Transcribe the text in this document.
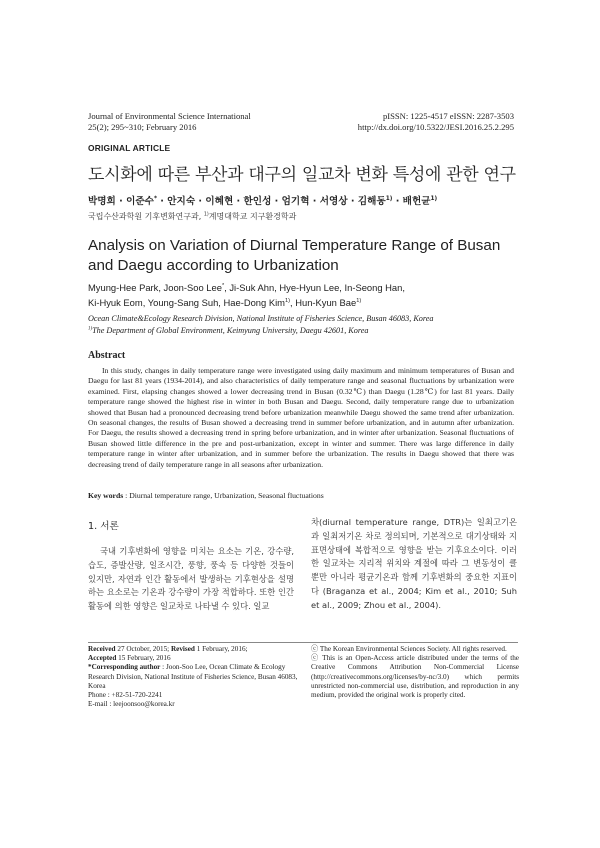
Journal of Environmental Science International
25(2); 295~310; February 2016
pISSN: 1225-4517 eISSN: 2287-3503
http://dx.doi.org/10.5322/JESI.2016.25.2.295
ORIGINAL ARTICLE
도시화에 따른 부산과 대구의 일교차 변화 특성에 관한 연구
박명희 · 이준수* · 안지숙 · 이혜현 · 한인성 · 엄기혁 · 서영상 · 김해동$^{1)}$ · 배헌균$^{1)}$
국립수산과학원 기후변화연구과, $^{1)}$계명대학교 지구환경학과
Analysis on Variation of Diurnal Temperature Range of Busan and Daegu according to Urbanization
Myung-Hee Park, Joon-Soo Lee*, Ji-Suk Ahn, Hye-Hyun Lee, In-Seong Han,
Ki-Hyuk Eom, Young-Sang Suh, Hae-Dong Kim$^{1)}$, Hun-Kyun Bae$^{1)}$
Ocean Climate&Ecology Research Division, National Institute of Fisheries Science, Busan 46083, Korea
$^{1)}$The Department of Global Environment, Keimyung University, Daegu 42601, Korea
Abstract
In this study, changes in daily temperature range were investigated using daily maximum and minimum temperatures of Busan and Daegu for last 81 years (1934-2014), and also characteristics of daily temperature range and seasonal fluctuations by urbanization were examined. First, elapsing changes showed a lower decreasing trend in Busan (0.32℃) than Daegu (1.28℃) for last 81 years. Daily temperature range showed the highest rise in winter in both Busan and Daegu. Second, daily temperature range due to urbanization showed that Busan had a pronounced decreasing trend before urbanization meanwhile Daegu showed the same trend after urbanization. On seasonal changes, the results of Busan showed a decreasing trend in summer before urbanization, and in autumn after urbanization. For Daegu, the results showed a decreasing trend in spring before urbanization, and in winter after urbanization. Seasonal fluctuations of Busan showed little difference in the pre and post-urbanization, except in winter and summer. There was large difference in daily temperature range in winter after urbanization, and in summer before the urbanization. The results in Daegu showed that there was decreasing trend of daily temperature range in all seasons after urbanization.
Key words : Diurnal temperature range, Urbanization, Seasonal fluctuations
1. 서론
국내 기후변화에 영향을 미치는 요소는 기온, 강수량, 습도, 증발산량, 일조시간, 풍향, 풍속 등 다양한 것들이 있지만, 자연과 인간 활동에서 발생하는 기후현상을 설명하는 요소로는 기온과 강수량이 가장 적합하다. 또한 인간 활동에 의한 영향은 일교차로 나타낼 수 있다. 일교
차(diurnal temperature range, DTR)는 일최고기온과 일최저기온 차로 정의되며, 기본적으로 대기상태와 지표면상태에 복합적으로 영향을 받는 기후요소이다. 이러한 일교차는 지리적 위치와 계절에 따라 그 변동성이 클 뿐만 아니라 평균기온과 함께 기후변화의 중요한 지표이다 (Braganza et al., 2004; Kim et al., 2010; Suh et al., 2009; Zhou et al., 2004).
Received 27 October, 2015; Revised 1 February, 2016;
Accepted 15 February, 2016
*Corresponding author : Joon-Soo Lee, Ocean Climate & Ecology Research Division, National Institute of Fisheries Science, Busan 46083, Korea
Phone : +82-51-720-2241
E-mail : leejoonsoo@korea.kr
ⓒ The Korean Environmental Sciences Society. All rights reserved.
ⓒ This is an Open-Access article distributed under the terms of the Creative Commons Attribution Non-Commercial License (http://creativecommons.org/licenses/by-nc/3.0) which permits unrestricted non-commercial use, distribution, and reproduction in any medium, provided the original work is properly cited.
